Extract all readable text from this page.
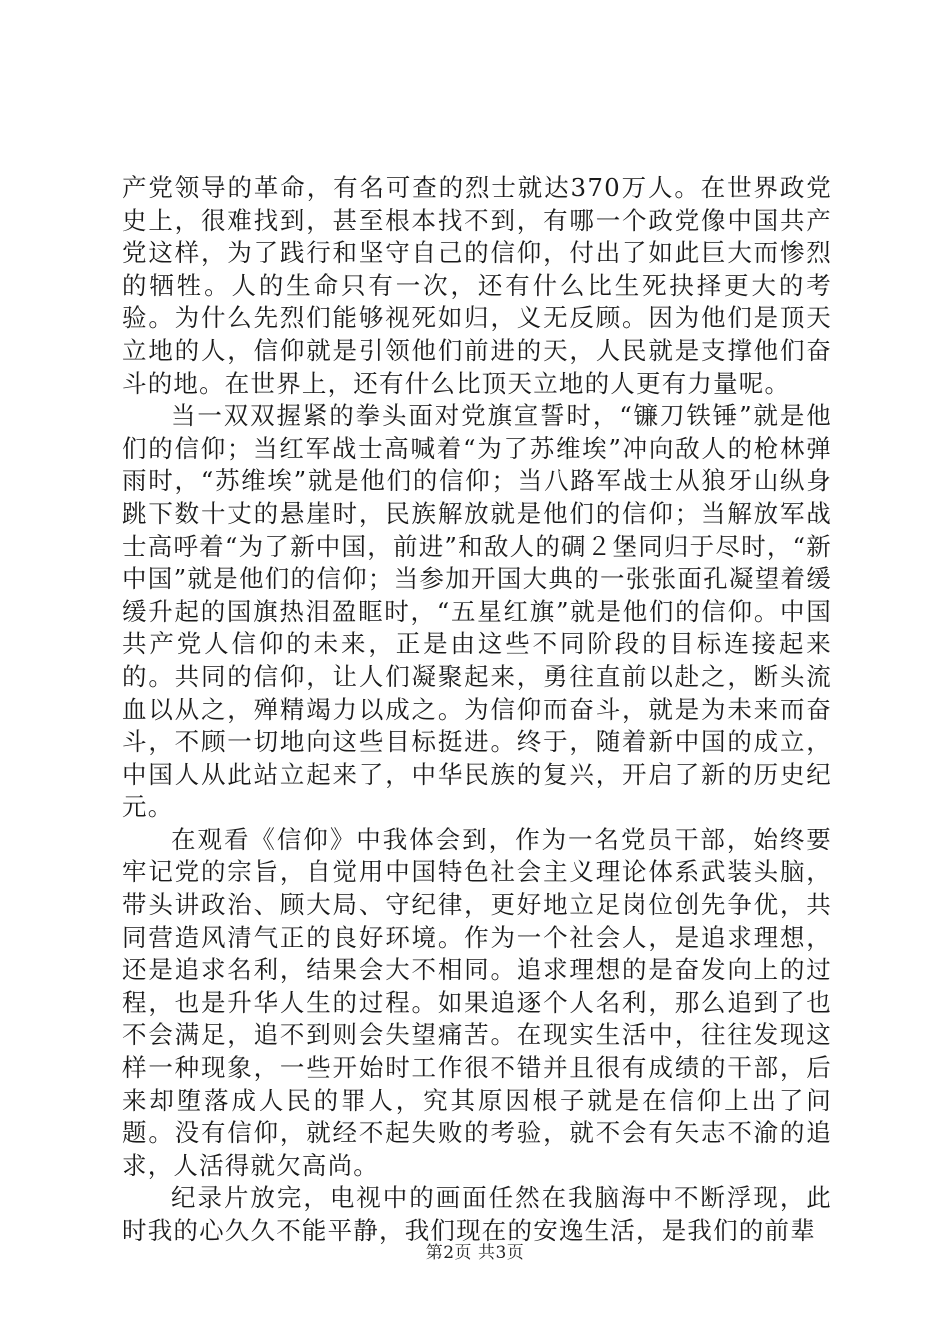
产党领导的革命，有名可查的烈士就达370万人。在世界政党史上，很难找到，甚至根本找不到，有哪一个政党像中国共产党这样，为了践行和坚守自己的信仰，付出了如此巨大而惨烈的牺牲。人的生命只有一次，还有什么比生死抉择更大的考验。为什么先烈们能够视死如归，义无反顾。因为他们是顶天立地的人，信仰就是引领他们前进的天，人民就是支撑他们奋斗的地。在世界上，还有什么比顶天立地的人更有力量呢。

当一双双握紧的拳头面对党旗宣誓时，“镰刀铁锤”就是他们的信仰；当红军战士高喊着“为了苏维埃”冲向敌人的枪林弹雨时，“苏维埃”就是他们的信仰；当八路军战士从狼牙山纵身跳下数十丈的悬崖时，民族解放就是他们的信仰；当解放军战士高呼着“为了新中国，前进”和敌人的碉２堡同归于尽时，“新中国”就是他们的信仰；当参加开国大典的一张张面孔凝望着缓缓升起的国旗热泪盈眶时，“五星红旗”就是他们的信仰。中国共产党人信仰的未来，正是由这些不同阶段的目标连接起来的。共同的信仰，让人们凝聚起来，勇往直前以赴之，断头流血以从之，殚精竭力以成之。为信仰而奋斗，就是为未来而奋斗，不顾一切地向这些目标挺进。终于，随着新中国的成立，中国人从此站立起来了，中华民族的复兴，开启了新的历史纪元。

在观看《信仰》中我体会到，作为一名党员干部，始终要牢记党的宗旨，自觉用中国特色社会主义理论体系武装头脑，带头讲政治、顾大局、守纪律，更好地立足岗位创先争优，共同营造风清气正的良好环境。作为一个社会人，是追求理想，还是追求名利，结果会大不相同。追求理想的是奋发向上的过程，也是升华人生的过程。如果追逐个人名利，那么追到了也不会满足，追不到则会失望痛苦。在现实生活中，往往发现这样一种现象，一些开始时工作很不错并且很有成绩的干部，后来却堕落成人民的罪人，究其原因根子就是在信仰上出了问题。没有信仰，就经不起失败的考验，就不会有矢志不渝的追求，人活得就欠高尚。

纪录片放完，电视中的画面任然在我脑海中不断浮现，此时我的心久久不能平静，我们现在的安逸生活，是我们的前辈

第2页 共3页
